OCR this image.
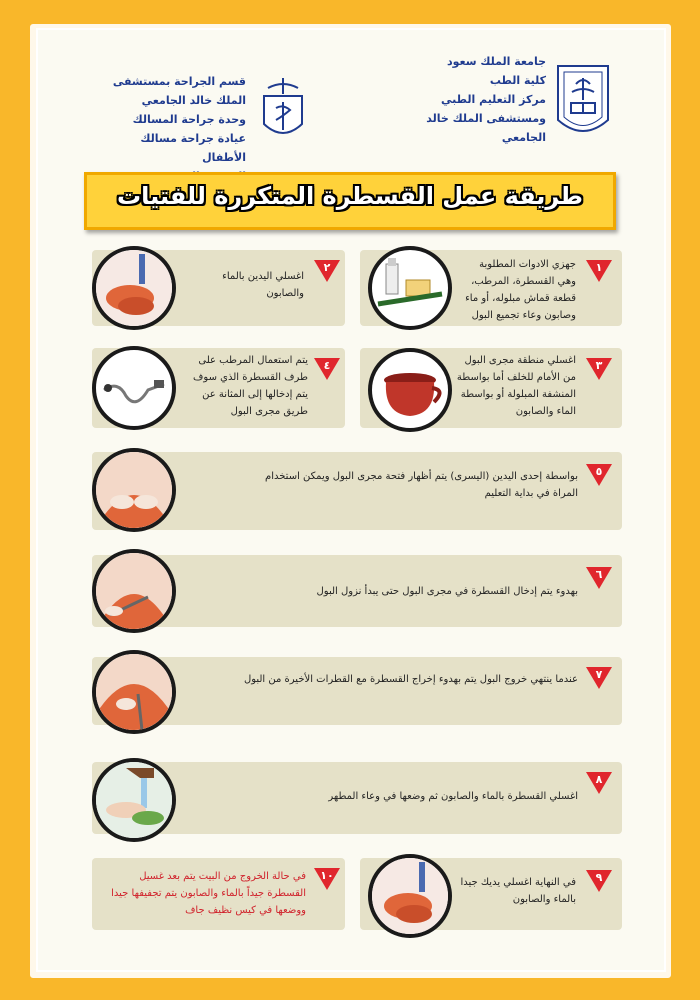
جامعة الملك سعود
كلية الطب
مركز التعليم الطبي
ومستشفى الملك خالد الجامعي
قسم الجراحة بمستشفى الملك خالد الجامعي
وحدة جراحة المسالك
عيادة جراحة مسالك الأطفال
طريقة عمل القسطرة المتكررة للفتيات
١
جهزي الادوات المطلوبة وهي القسطرة، المرطب، قطعة قماش مبلوله، أو ماء وصابون وعاء تجميع البول
٢
اغسلي اليدين بالماء والصابون
٣
اغسلي منطقة مجرى البول من الأمام للخلف أما بواسطة المنشفة المبلولة أو بواسطة الماء والصابون
٤
يتم استعمال المرطب على طرف القسطرة الذي سوف يتم إدخالها إلى المثانة عن طريق مجرى البول
٥
بواسطة إحدى اليدين (اليسرى) يتم أظهار فتحة مجرى البول ويمكن استخدام المراة في بداية التعليم
٦
بهدوء يتم إدخال القسطرة في مجرى البول حتى يبدأ نزول البول
٧
عندما ينتهي خروج البول يتم بهدوء إخراج القسطرة مع القطرات الأخيرة من البول
٨
اغسلي القسطرة بالماء والصابون ثم وضعها في وعاء المطهر
٩
في النهاية اغسلي يديك جيدا بالماء والصابون
١٠
في حالة الخروج من البيت يتم بعد غسيل القسطرة جيداً بالماء والصابون يتم تجفيفها جيدا ووضعها في كيس نظيف جاف
